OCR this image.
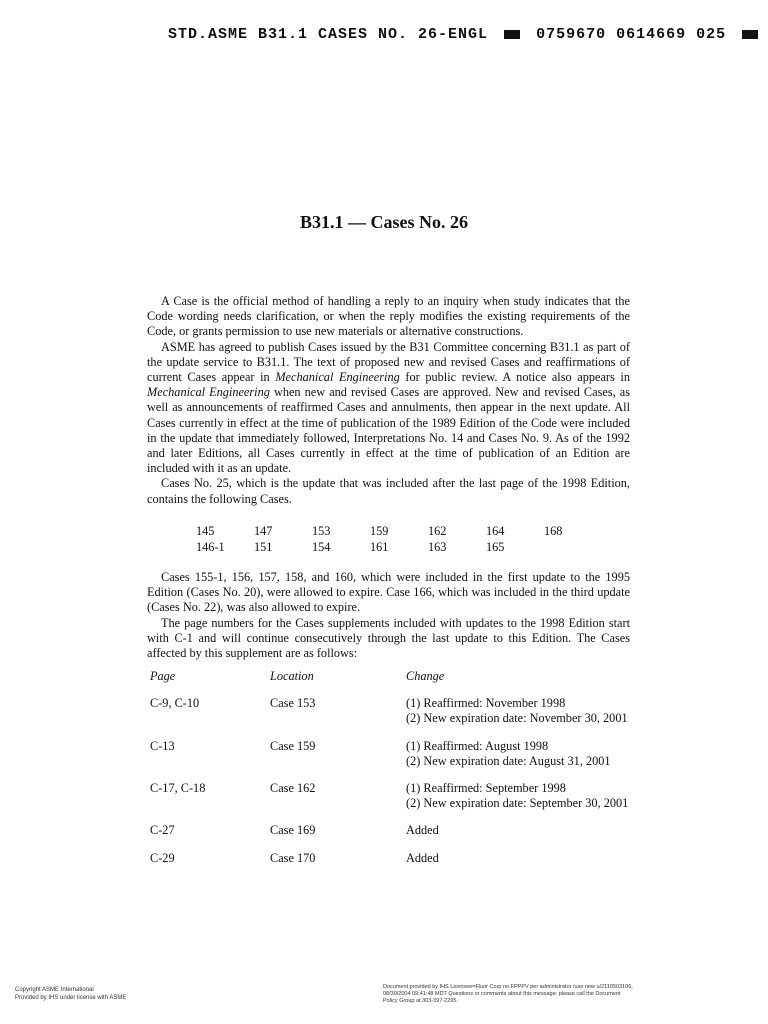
STD.ASME B31.1 CASES NO. 26-ENGL	0759670 0614669 025
B31.1 — Cases No. 26

A Case is the official method of handling a reply to an inquiry when study indicates that the Code wording needs clarification, or when the reply modifies the existing requirements of the Code, or grants permission to use new materials or alternative constructions.

ASME has agreed to publish Cases issued by the B31 Committee concerning B31.1 as part of the update service to B31.1. The text of proposed new and revised Cases and reaffirmations of current Cases appear in Mechanical Engineering for public review. A notice also appears in Mechanical Engineering when new and revised Cases are approved. New and revised Cases, as well as announcements of reaffirmed Cases and annulments, then appear in the next update. All Cases currently in effect at the time of publication of the 1989 Edition of the Code were included in the update that immediately followed, Interpretations No. 14 and Cases No. 9. As of the 1992 and later Editions, all Cases currently in effect at the time of publication of an Edition are included with it as an update.

Cases No. 25, which is the update that was included after the last page of the 1998 Edition, contains the following Cases.

145	147	153	159	162	164	168
146-1	151	154	161	163	165	

Cases 155-1, 156, 157, 158, and 160, which were included in the first update to the 1995 Edition (Cases No. 20), were allowed to expire. Case 166, which was included in the third update (Cases No. 22), was also allowed to expire.

The page numbers for the Cases supplements included with updates to the 1998 Edition start with C-1 and will continue consecutively through the last update to this Edition. The Cases affected by this supplement are as follows:

Page	Location	Change
C-9, C-10	Case 153	(1) Reaffirmed: November 1998
(2) New expiration date: November 30, 2001

C-13	Case 159	(1) Reaffirmed: August 1998
(2) New expiration date: August 31, 2001

C-17, C-18	Case 162	(1) Reaffirmed: September 1998
(2) New expiration date: September 30, 2001

C-27	Case 169	Added

C-29	Case 170	Added
Copyright ASME International
Provided by IHS under license with ASME
Document provided by IHS Licensee=Fluor Corp no FPPPV per administrator /use new u/2110503106, 08/30/2004 09:41:48 MDT Questions or comments about this message: please call the Document Policy Group at 303-397-2295.
